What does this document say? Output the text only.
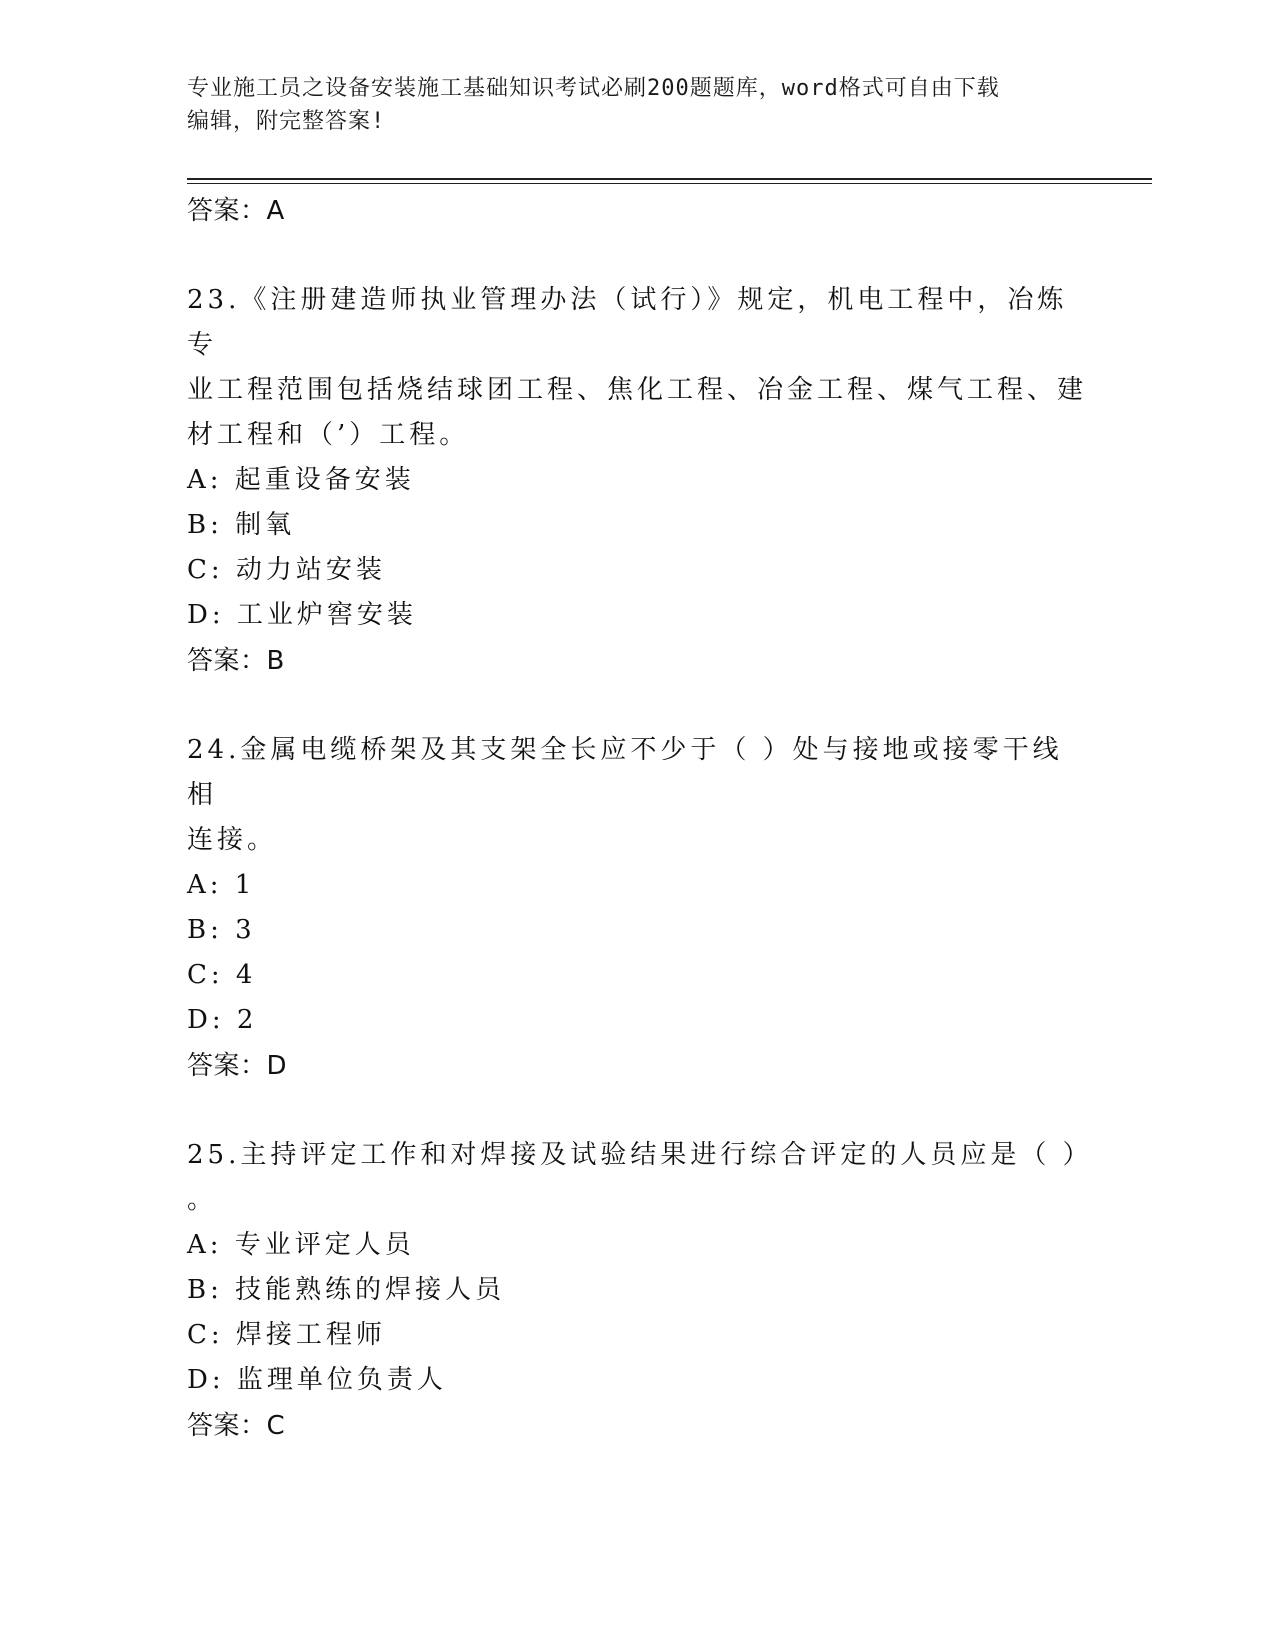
专业施工员之设备安装施工基础知识考试必刷200题题库，word格式可自由下载
编辑，附完整答案!
答案：A
23.《注册建造师执业管理办法（试行）》规定，机电工程中，冶炼专
业工程范围包括烧结球团工程、焦化工程、冶金工程、煤气工程、建
材工程和（’）工程。
A: 起重设备安装
B: 制氧
C: 动力站安装
D: 工业炉窖安装
答案：B
24.金属电缆桥架及其支架全长应不少于（ ）处与接地或接零干线相
连接。
A: 1
B: 3
C: 4
D: 2
答案：D
25.主持评定工作和对焊接及试验结果进行综合评定的人员应是（ ）
。
A: 专业评定人员
B: 技能熟练的焊接人员
C: 焊接工程师
D: 监理单位负责人
答案：C
